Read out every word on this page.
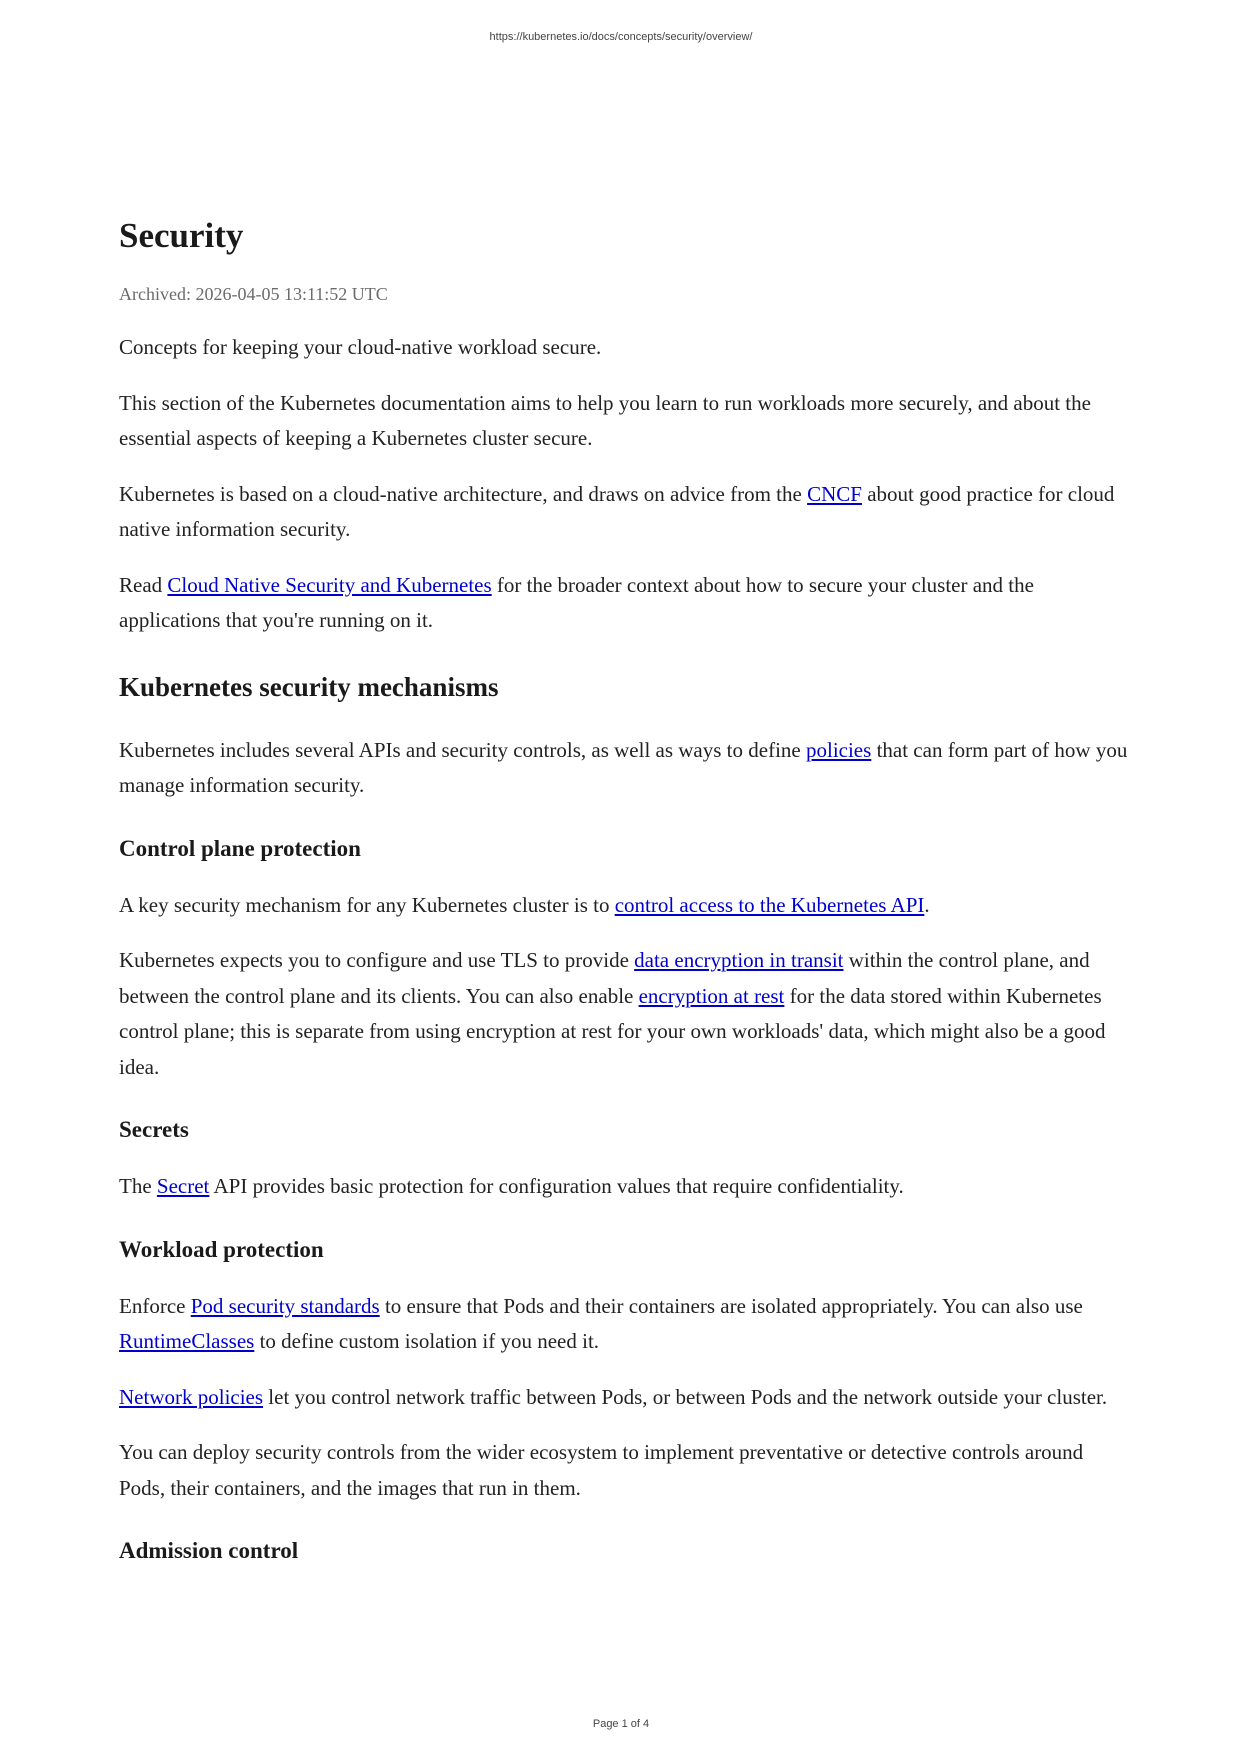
https://kubernetes.io/docs/concepts/security/overview/
Security
Archived: 2026-04-05 13:11:52 UTC

Concepts for keeping your cloud-native workload secure.

This section of the Kubernetes documentation aims to help you learn to run workloads more securely, and about the essential aspects of keeping a Kubernetes cluster secure.

Kubernetes is based on a cloud-native architecture, and draws on advice from the CNCF about good practice for cloud native information security.

Read Cloud Native Security and Kubernetes for the broader context about how to secure your cluster and the applications that you're running on it.

Kubernetes security mechanisms

Kubernetes includes several APIs and security controls, as well as ways to define policies that can form part of how you manage information security.

Control plane protection

A key security mechanism for any Kubernetes cluster is to control access to the Kubernetes API.

Kubernetes expects you to configure and use TLS to provide data encryption in transit within the control plane, and between the control plane and its clients. You can also enable encryption at rest for the data stored within Kubernetes control plane; this is separate from using encryption at rest for your own workloads' data, which might also be a good idea.

Secrets

The Secret API provides basic protection for configuration values that require confidentiality.

Workload protection

Enforce Pod security standards to ensure that Pods and their containers are isolated appropriately. You can also use RuntimeClasses to define custom isolation if you need it.

Network policies let you control network traffic between Pods, or between Pods and the network outside your cluster.

You can deploy security controls from the wider ecosystem to implement preventative or detective controls around Pods, their containers, and the images that run in them.

Admission control
Page 1 of 4
